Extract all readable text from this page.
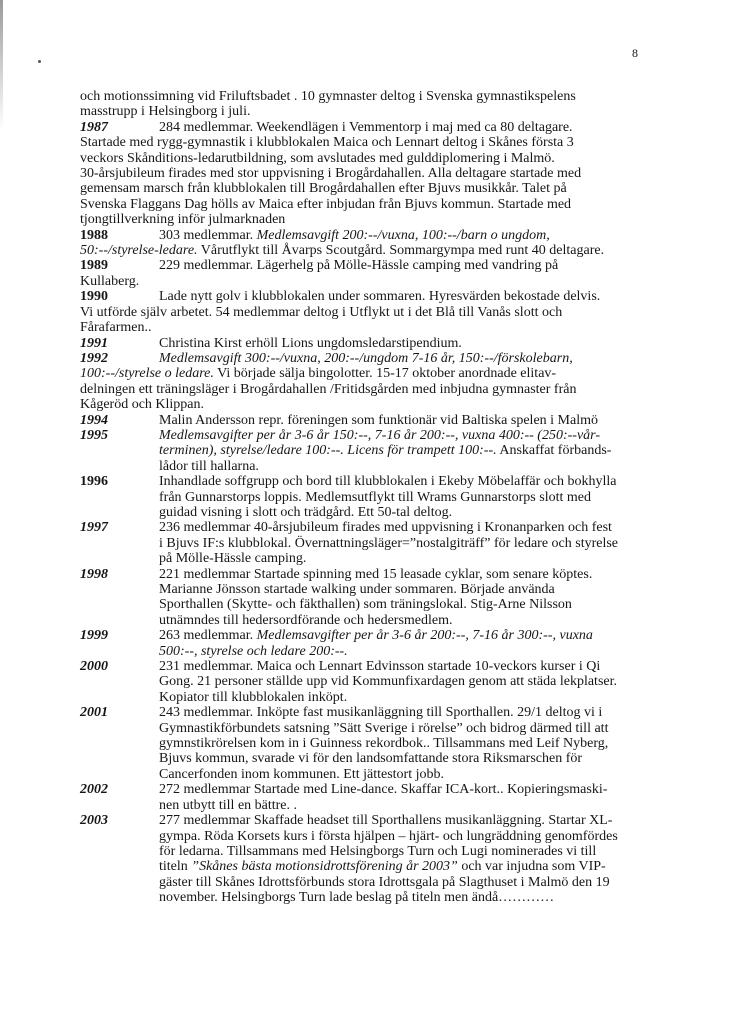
8

och motionssimning vid Friluftsbadet . 10 gymnaster deltog i Svenska gymnastikspelens

masstrupp i Helsingborg i juli.

1987	284 medlemmar. Weekendlägen i Vemmentorp i maj med ca 80 deltagare.

Startade med rygg-gymnastik i klubblokalen Maica och Lennart deltog i Skånes första 3

veckors Skånditions-ledarutbildning, som avslutades med gulddiplomering i Malmö.

30-årsjubileum firades med stor uppvisning i Brogårdahallen. Alla deltagare startade med

gemensam marsch från klubblokalen till Brogårdahallen efter Bjuvs musikkår. Talet på

Svenska Flaggans Dag hölls av Maica efter inbjudan från Bjuvs kommun. Startade med

tjongtillverkning inför julmarknaden

1988	303 medlemmar. Medlemsavgift 200:--/vuxna, 100:--/barn o ungdom,

50:--/styrelse-ledare. Vårutflykt till Åvarps Scoutgård. Sommargympa med runt 40 deltagare.

1989	229 medlemmar. Lägerhelg på Mölle-Hässle camping med vandring på

Kullaberg.

1990	Lade nytt golv i klubblokalen under sommaren. Hyresvärden bekostade delvis.

Vi utförde själv arbetet. 54 medlemmar deltog i Utflykt ut i det Blå till Vanås slott och

Fårafarmen..

1991	Christina Kirst erhöll Lions ungdomsledarstipendium.

1992	Medlemsavgift 300:--/vuxna, 200:--/ungdom 7-16 år, 150:--/förskolebarn,

100:--/styrelse o ledare. Vi började sälja bingolotter. 15-17 oktober anordnade elitav-

delningen ett träningsläger i Brogårdahallen /Fritidsgården med inbjudna gymnaster från

Kågeröd och Klippan.

1994	Malin Andersson repr. föreningen som funktionär vid Baltiska spelen i Malmö

1995	Medlemsavgifter per år 3-6 år 150:--, 7-16 år 200:--, vuxna 400:-- (250:--vår-

terminen), styrelse/ledare 100:--. Licens för trampett 100:--. Anskaffat förbands-

lådor till hallarna.

1996	Inhandlade soffgrupp och bord till klubblokalen i Ekeby Möbelaffär och bokhylla

från Gunnarstorps loppis. Medlemsutflykt till Wrams Gunnarstorps slott med

guidad visning i slott och trädgård. Ett 50-tal deltog.

1997	236 medlemmar 40-årsjubileum firades med uppvisning i Kronanparken och fest

i Bjuvs IF:s klubblokal. Övernattningsläger=”nostalgiträff” för ledare och styrelse

på Mölle-Hässle camping.

1998	221 medlemmar Startade spinning med 15 leasade cyklar, som senare köptes.

Marianne Jönsson startade walking under sommaren. Började använda

Sporthallen (Skytte- och fäkthallen) som träningslokal. Stig-Arne Nilsson

utnämndes till hedersordförande och hedersmedlem.

1999	263 medlemmar. Medlemsavgifter per år 3-6 år 200:--, 7-16 år 300:--, vuxna

500:--, styrelse och ledare 200:--.

2000	231 medlemmar. Maica och Lennart Edvinsson startade 10-veckors kurser i Qi

Gong. 21 personer ställde upp vid Kommunfixardagen genom att städa lekplatser.

Kopiator till klubblokalen inköpt.

2001	243 medlemmar. Inköpte fast musikanläggning till Sporthallen. 29/1 deltog vi i

Gymnastikförbundets satsning ”Sätt Sverige i rörelse” och bidrog därmed till att

gymnstikrörelsen kom in i Guinness rekordbok.. Tillsammans med Leif Nyberg,

Bjuvs kommun, svarade vi för den landsomfattande stora Riksmarschen för

Cancerfonden inom kommunen. Ett jättestort jobb.

2002	272 medlemmar Startade med Line-dance. Skaffar ICA-kort.. Kopieringsmaski-

nen utbytt till en bättre. .

2003	277 medlemmar Skaffade headset till Sporthallens musikanläggning. Startar XL-

gympa. Röda Korsets kurs i första hjälpen – hjärt- och lungräddning genomfördes

för ledarna. Tillsammans med Helsingborgs Turn och Lugi nominerades vi till

titeln ”Skånes bästa motionsidrottsförening år 2003” och var injudna som VIP-

gäster till Skånes Idrottsförbunds stora Idrottsgala på Slagthuset i Malmö den 19

november. Helsingborgs Turn lade beslag på titeln men ändå…………
